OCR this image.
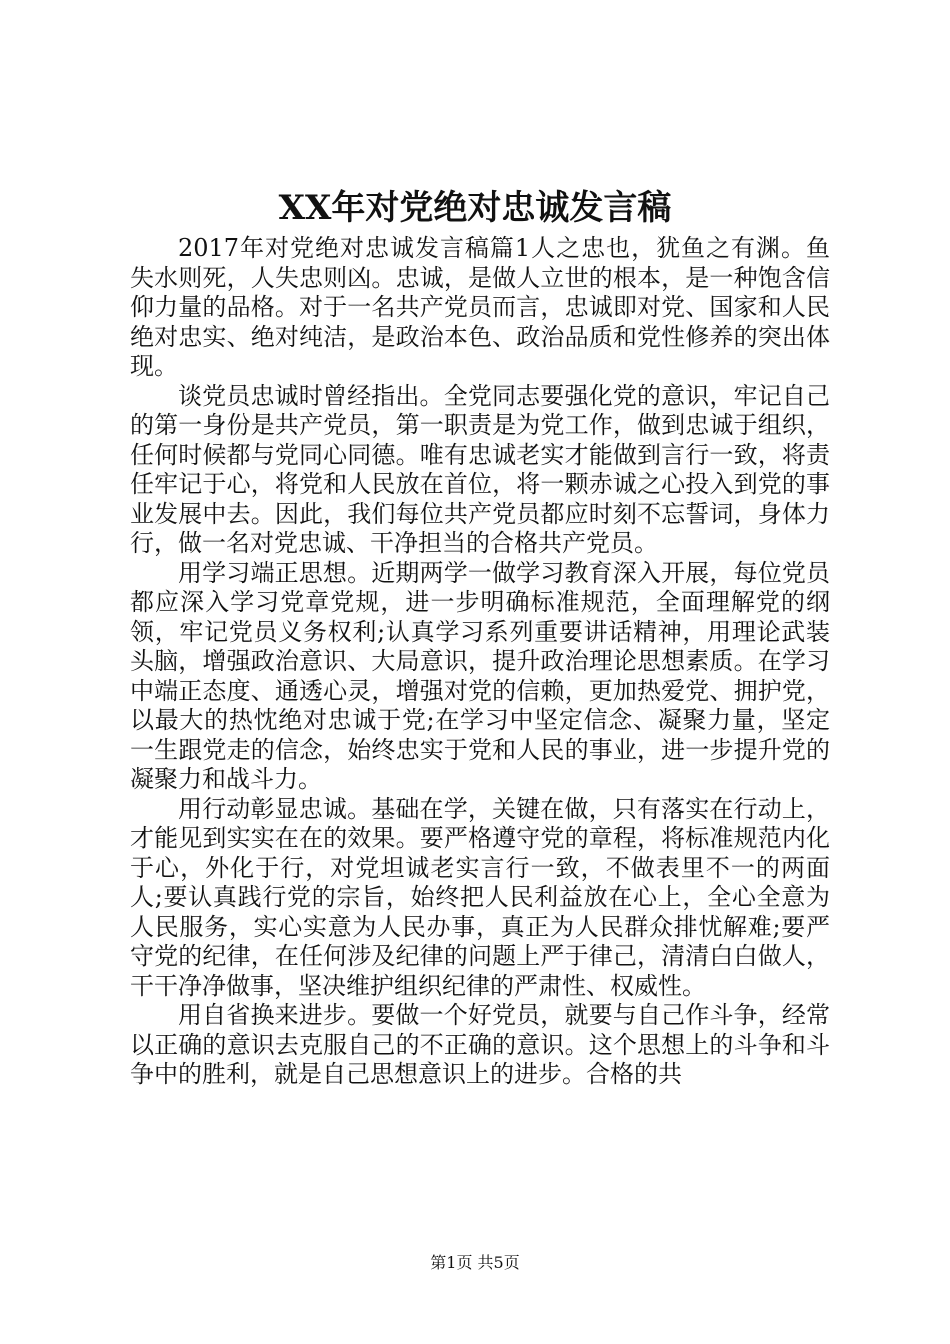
XX年对党绝对忠诚发言稿

2017年对党绝对忠诚发言稿篇1人之忠也，犹鱼之有渊。鱼失水则死，人失忠则凶。忠诚，是做人立世的根本，是一种饱含信仰力量的品格。对于一名共产党员而言，忠诚即对党、国家和人民绝对忠实、绝对纯洁，是政治本色、政治品质和党性修养的突出体现。

谈党员忠诚时曾经指出。全党同志要强化党的意识，牢记自己的第一身份是共产党员，第一职责是为党工作，做到忠诚于组织，任何时候都与党同心同德。唯有忠诚老实才能做到言行一致，将责任牢记于心，将党和人民放在首位，将一颗赤诚之心投入到党的事业发展中去。因此，我们每位共产党员都应时刻不忘誓词，身体力行，做一名对党忠诚、干净担当的合格共产党员。

用学习端正思想。近期两学一做学习教育深入开展，每位党员都应深入学习党章党规，进一步明确标准规范，全面理解党的纲领，牢记党员义务权利;认真学习系列重要讲话精神，用理论武装头脑，增强政治意识、大局意识，提升政治理论思想素质。在学习中端正态度、通透心灵，增强对党的信赖，更加热爱党、拥护党，以最大的热忱绝对忠诚于党;在学习中坚定信念、凝聚力量，坚定一生跟党走的信念，始终忠实于党和人民的事业，进一步提升党的凝聚力和战斗力。

用行动彰显忠诚。基础在学，关键在做，只有落实在行动上，才能见到实实在在的效果。要严格遵守党的章程，将标准规范内化于心，外化于行，对党坦诚老实言行一致，不做表里不一的两面人;要认真践行党的宗旨，始终把人民利益放在心上，全心全意为人民服务，实心实意为人民办事，真正为人民群众排忧解难;要严守党的纪律，在任何涉及纪律的问题上严于律己，清清白白做人，干干净净做事，坚决维护组织纪律的严肃性、权威性。

用自省换来进步。要做一个好党员，就要与自己作斗争，经常以正确的意识去克服自己的不正确的意识。这个思想上的斗争和斗争中的胜利，就是自己思想意识上的进步。合格的共

第1页 共5页
